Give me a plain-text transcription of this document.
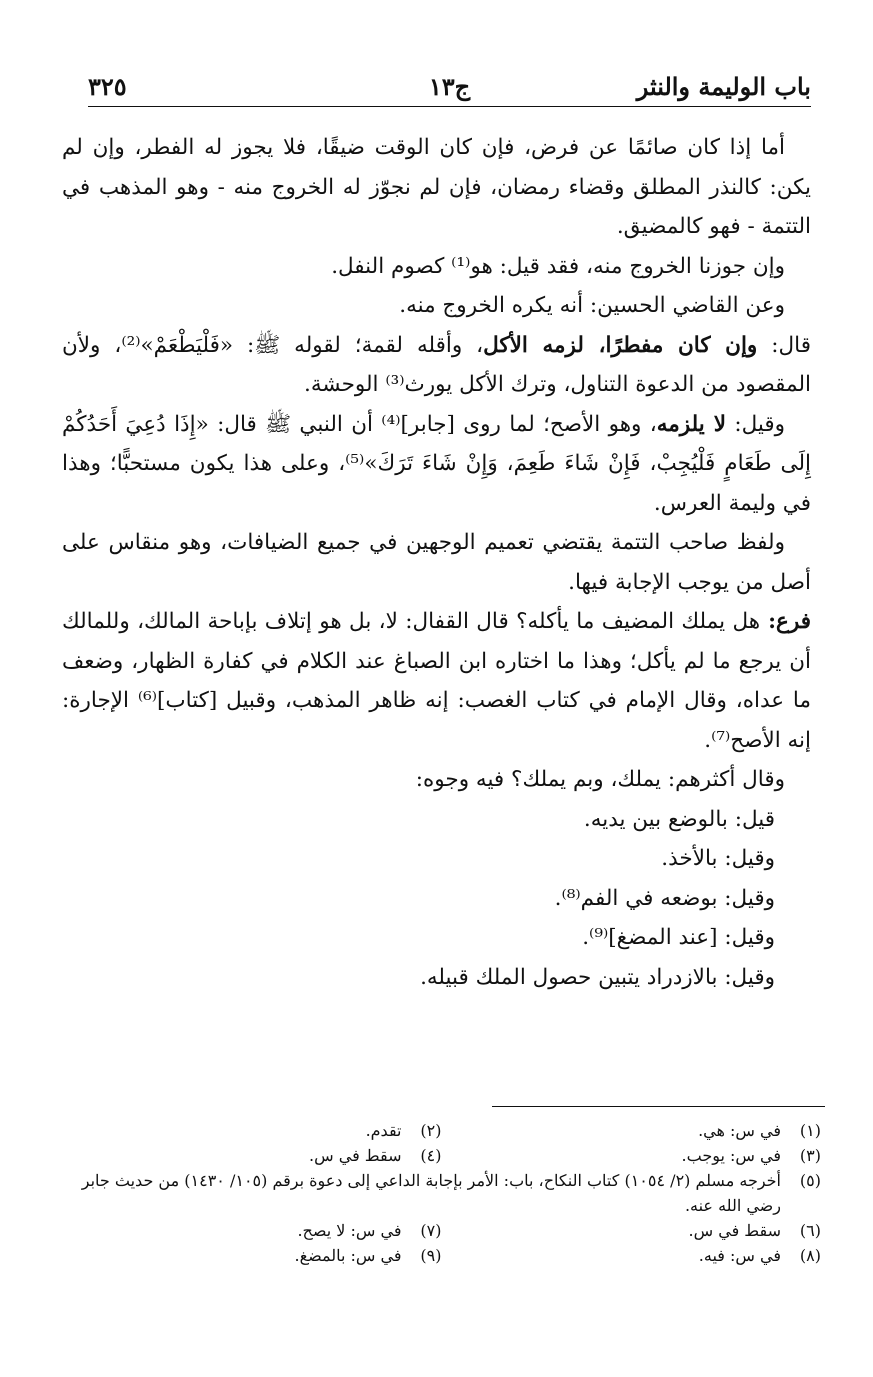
باب الوليمة والنثر
ج١٣
٣٢٥

أما إذا كان صائمًا عن فرض، فإن كان الوقت ضيقًا، فلا يجوز له الفطر، وإن لم يكن: كالنذر المطلق وقضاء رمضان، فإن لم نجوّز له الخروج منه - وهو المذهب في التتمة - فهو كالمضيق.

وإن جوزنا الخروج منه، فقد قيل: هو⁽¹⁾ كصوم النفل.

وعن القاضي الحسين: أنه يكره الخروج منه.

قال: وإن كان مفطرًا، لزمه الأكل، وأقله لقمة؛ لقوله ﷺ: «فَلْيَطْعَمْ»⁽²⁾، ولأن المقصود من الدعوة التناول، وترك الأكل يورث⁽³⁾ الوحشة.

وقيل: لا يلزمه، وهو الأصح؛ لما روى [جابر]⁽⁴⁾ أن النبي ﷺ قال: «إِذَا دُعِيَ أَحَدُكُمْ إِلَى طَعَامٍ فَلْيُجِبْ، فَإِنْ شَاءَ طَعِمَ، وَإِنْ شَاءَ تَرَكَ»⁽⁵⁾، وعلى هذا يكون مستحبًّا؛ وهذا في وليمة العرس.

ولفظ صاحب التتمة يقتضي تعميم الوجهين في جميع الضيافات، وهو منقاس على أصل من يوجب الإجابة فيها.

فرع: هل يملك المضيف ما يأكله؟ قال القفال: لا، بل هو إتلاف بإباحة المالك، وللمالك أن يرجع ما لم يأكل؛ وهذا ما اختاره ابن الصباغ عند الكلام في كفارة الظهار، وضعف ما عداه، وقال الإمام في كتاب الغصب: إنه ظاهر المذهب، وقبيل [كتاب]⁽⁶⁾ الإجارة: إنه الأصح⁽⁷⁾.

وقال أكثرهم: يملك، وبم يملك؟ فيه وجوه:

قيل: بالوضع بين يديه.

وقيل: بالأخذ.

وقيل: بوضعه في الفم⁽⁸⁾.

وقيل: [عند المضغ]⁽⁹⁾.

وقيل: بالازدراد يتبين حصول الملك قبيله.

(١)
في س: هي.
(٢)
تقدم.
(٣)
في س: يوجب.
(٤)
سقط في س.
(٥)
أخرجه مسلم (٢/ ١٠٥٤) كتاب النكاح، باب: الأمر بإجابة الداعي إلى دعوة برقم (١٠٥/ ١٤٣٠) من حديث جابر رضي الله عنه.
(٦)
سقط في س.
(٧)
في س: لا يصح.
(٨)
في س: فيه.
(٩)
في س: بالمضغ.
